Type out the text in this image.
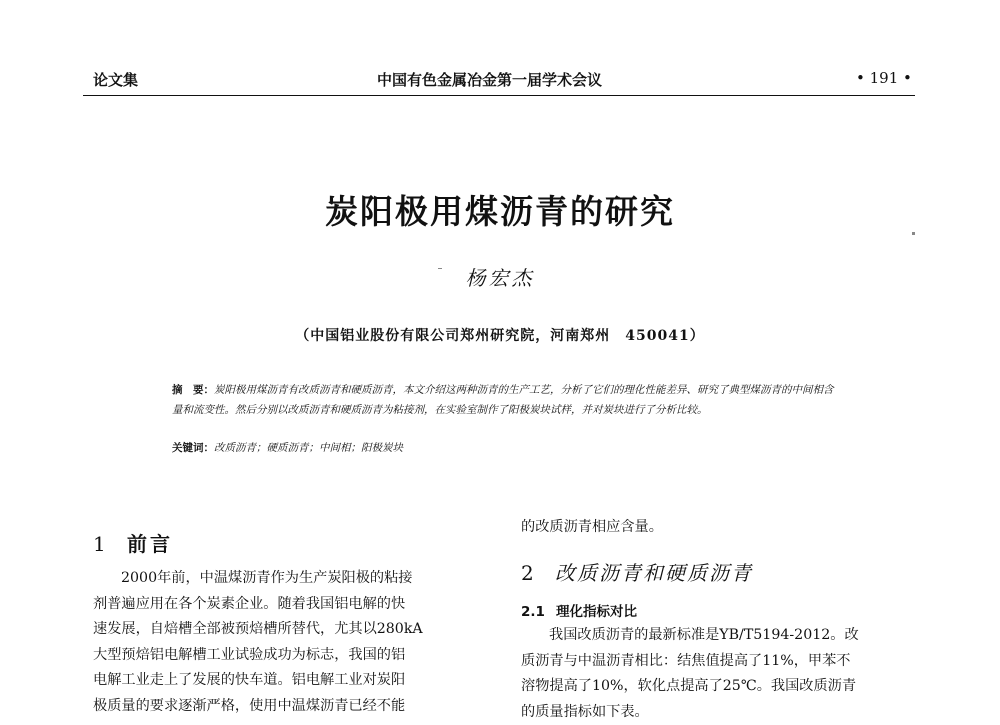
论文集	中国有色金属冶金第一届学术会议	• 191 •
炭阳极用煤沥青的研究
杨宏杰
（中国铝业股份有限公司郑州研究院，河南郑州　450041）
摘　要：炭阳极用煤沥青有改质沥青和硬质沥青，本文介绍这两种沥青的生产工艺，分析了它们的理化性能差异、研究了典型煤沥青的中间相含量和流变性。然后分别以改质沥青和硬质沥青为粘接剂，在实验室制作了阳极炭块试样，并对炭块进行了分析比较。
关键词：改质沥青；硬质沥青；中间相；阳极炭块
1 前言

2000年前，中温煤沥青作为生产炭阳极的粘接

剂普遍应用在各个炭素企业。随着我国铝电解的快

速发展，自焙槽全部被预焙槽所替代，尤其以280kA

大型预焙铝电解槽工业试验成功为标志，我国的铝

电解工业走上了发展的快车道。铝电解工业对炭阳

极质量的要求逐渐严格，使用中温煤沥青已经不能

的改质沥青相应含量。
2 改质沥青和硬质沥青
2.1 理化指标对比

我国改质沥青的最新标准是YB/T5194-2012。改

质沥青与中温沥青相比：结焦值提高了11%，甲苯不

溶物提高了10%，软化点提高了25℃。我国改质沥青

的质量指标如下表。
